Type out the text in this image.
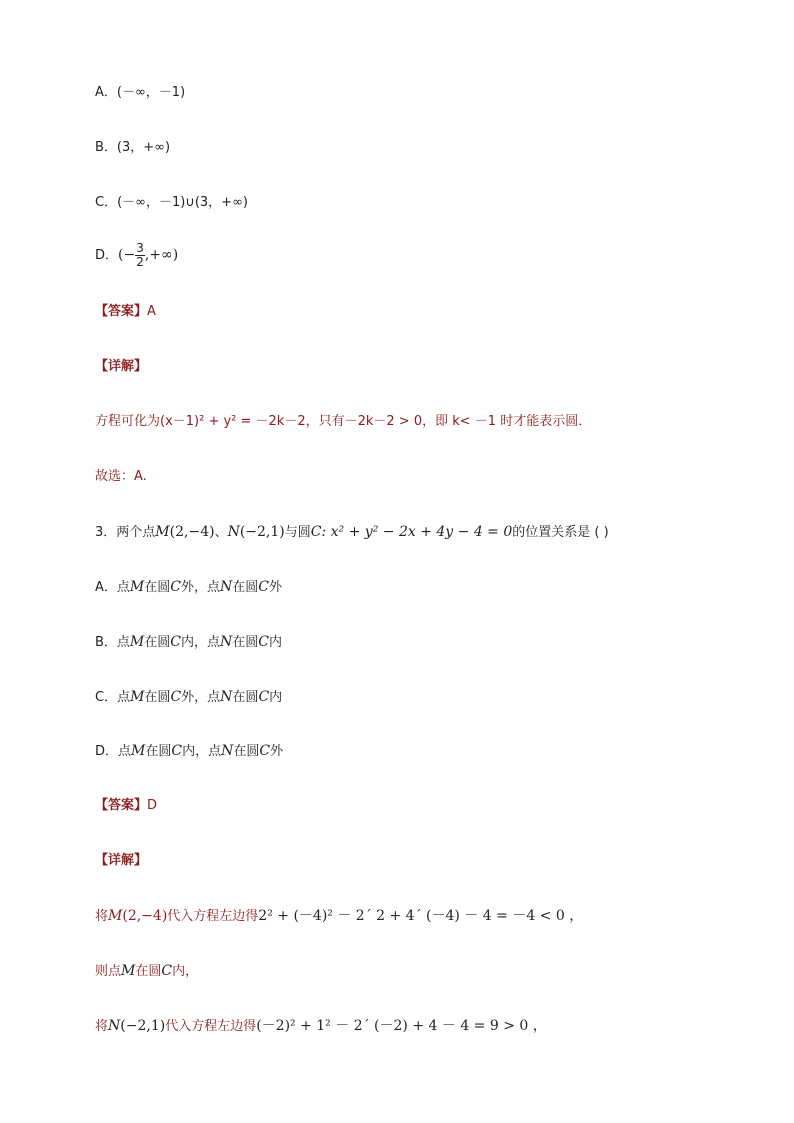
A．(－∞，－1)
B．(3，+∞)
C．(－∞，－1)∪(3，+∞)
D．(− $\frac{3}{2}$ ,+∞)
【答案】A
【详解】
方程可化为(x－1)² + y² = －2k－2，只有－2k－2 > 0，即 k< －1 时才能表示圆．
故选：A.
3．两个点M(2,−4)、N(−2,1)与圆C: x² + y² − 2x + 4y − 4 = 0的位置关系是 ( )
A．点M在圆C外，点N在圆C外
B．点M在圆C内，点N在圆C内
C．点M在圆C外，点N在圆C内
D．点M在圆C内，点N在圆C外
【答案】D
【详解】
将M(2,−4)代入方程左边得2² + (－4)² － 2´ 2 + 4´ (－4) － 4 = －4 < 0 ，
则点M在圆C内，
将N(−2,1)代入方程左边得(－2)² + 1² － 2´ (－2) + 4 － 4 = 9 > 0 ，
